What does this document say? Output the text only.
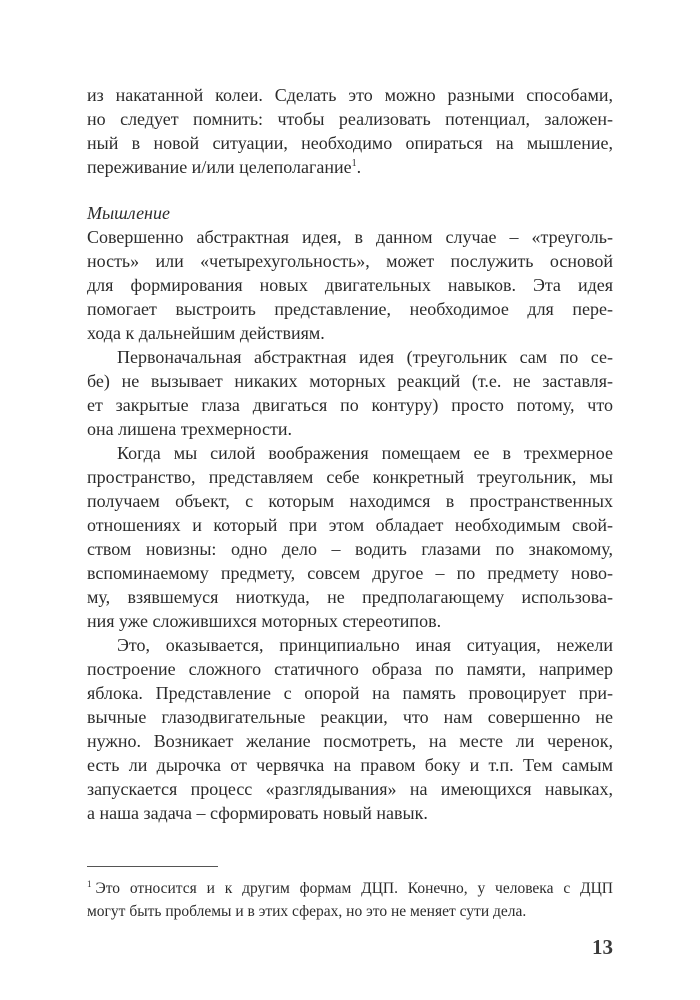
из накатанной колеи. Сделать это можно разными способами,
но следует помнить: чтобы реализовать потенциал, заложен-
ный в новой ситуации, необходимо опираться на мышление,
переживание и/или целеполагание$^1$.
Мышление
Совершенно абстрактная идея, в данном случае – «треуголь-
ность» или «четырехугольность», может послужить основой
для формирования новых двигательных навыков. Эта идея
помогает выстроить представление, необходимое для пере-
хода к дальнейшим действиям.
Первоначальная абстрактная идея (треугольник сам по се-
бе) не вызывает никаких моторных реакций (т.е. не заставля-
ет закрытые глаза двигаться по контуру) просто потому, что
она лишена трехмерности.
Когда мы силой воображения помещаем ее в трехмерное
пространство, представляем себе конкретный треугольник, мы
получаем объект, с которым находимся в пространственных
отношениях и который при этом обладает необходимым свой-
ством новизны: одно дело – водить глазами по знакомому,
вспоминаемому предмету, совсем другое – по предмету ново-
му, взявшемуся ниоткуда, не предполагающему использова-
ния уже сложившихся моторных стереотипов.
Это, оказывается, принципиально иная ситуация, нежели
построение сложного статичного образа по памяти, например
яблока. Представление с опорой на память провоцирует при-
вычные глазодвигательные реакции, что нам совершенно не
нужно. Возникает желание посмотреть, на месте ли черенок,
есть ли дырочка от червячка на правом боку и т.п. Тем самым
запускается процесс «разглядывания» на имеющихся навыках,
а наша задача – сформировать новый навык.
$^1$ Это относится и к другим формам ДЦП. Конечно, у человека с ДЦП
могут быть проблемы и в этих сферах, но это не меняет сути дела.
13
